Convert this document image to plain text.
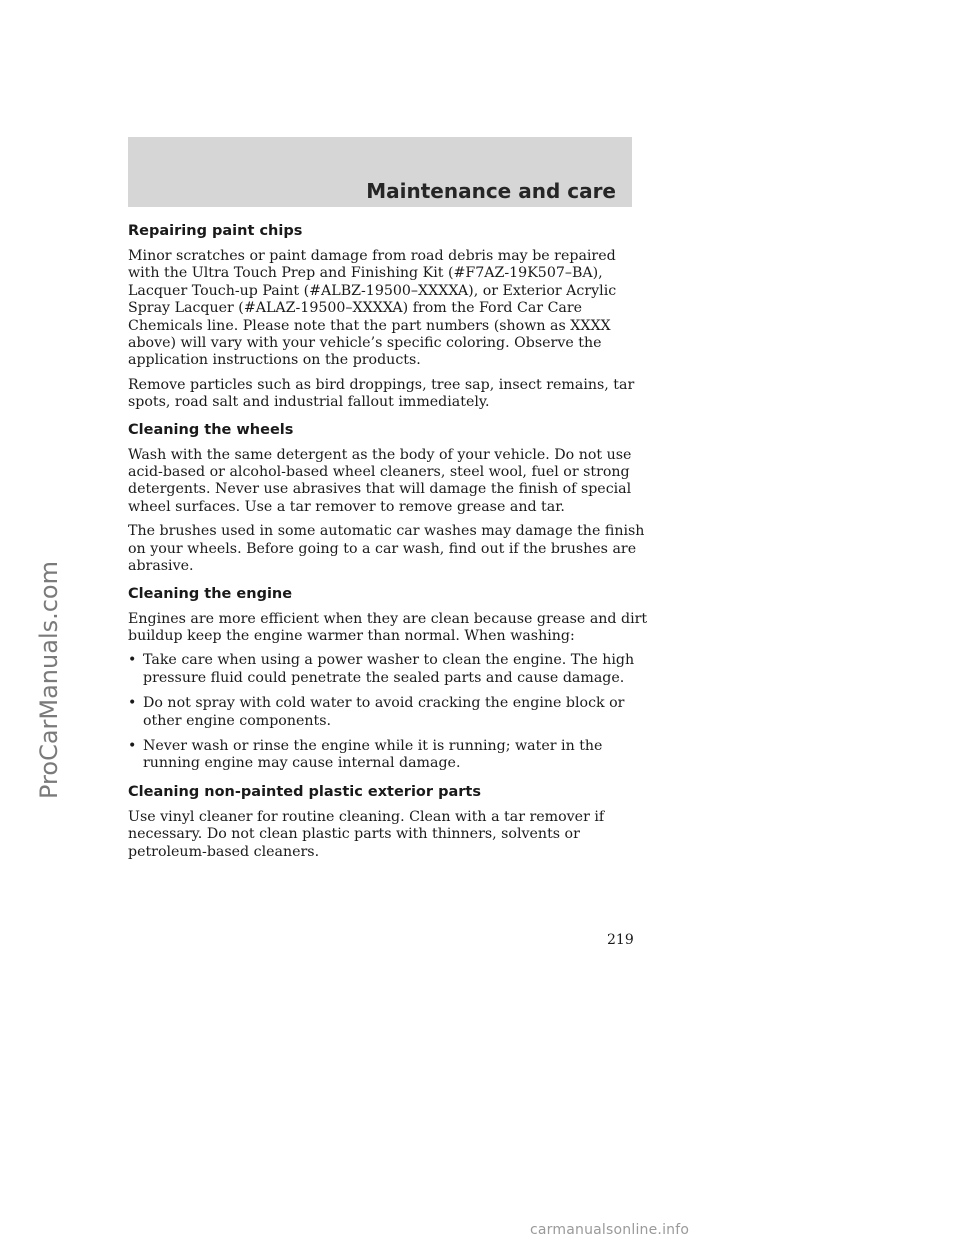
Maintenance and care
Repairing paint chips

Minor scratches or paint damage from road debris may be repaired with the Ultra Touch Prep and Finishing Kit (#F7AZ-19K507–BA), Lacquer Touch-up Paint (#ALBZ-19500–XXXXA), or Exterior Acrylic Spray Lacquer (#ALAZ-19500–XXXXA) from the Ford Car Care Chemicals line. Please note that the part numbers (shown as XXXX above) will vary with your vehicle’s specific coloring. Observe the application instructions on the products.

Remove particles such as bird droppings, tree sap, insect remains, tar spots, road salt and industrial fallout immediately.

Cleaning the wheels

Wash with the same detergent as the body of your vehicle. Do not use acid-based or alcohol-based wheel cleaners, steel wool, fuel or strong detergents. Never use abrasives that will damage the finish of special wheel surfaces. Use a tar remover to remove grease and tar.

The brushes used in some automatic car washes may damage the finish on your wheels. Before going to a car wash, find out if the brushes are abrasive.

Cleaning the engine

Engines are more efficient when they are clean because grease and dirt buildup keep the engine warmer than normal. When washing:

• Take care when using a power washer to clean the engine. The high pressure fluid could penetrate the sealed parts and cause damage.
• Do not spray with cold water to avoid cracking the engine block or other engine components.
• Never wash or rinse the engine while it is running; water in the running engine may cause internal damage.
Cleaning non-painted plastic exterior parts

Use vinyl cleaner for routine cleaning. Clean with a tar remover if necessary. Do not clean plastic parts with thinners, solvents or petroleum-based cleaners.

219
ProCarManuals.com
carmanualsonline.info
